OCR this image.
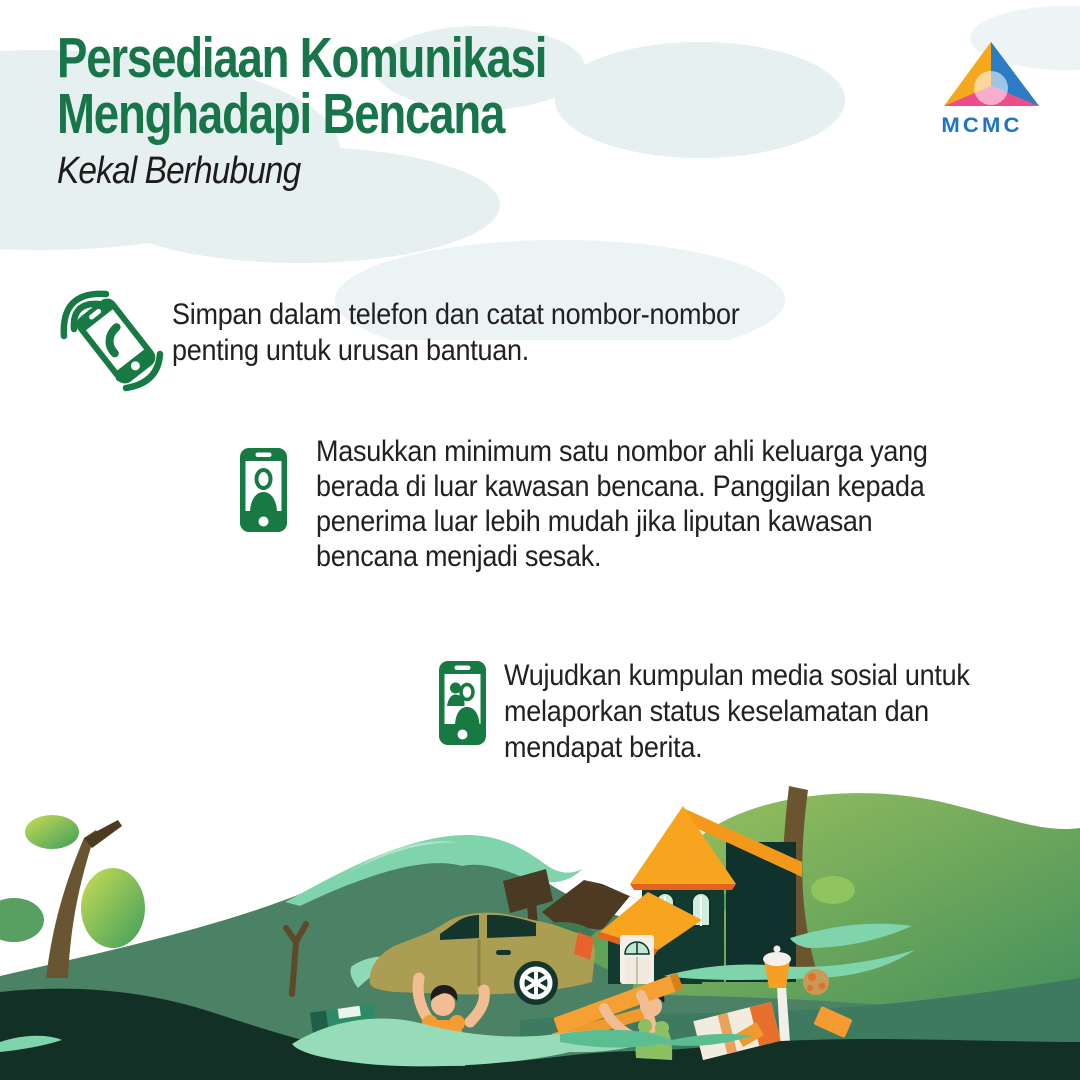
Persediaan Komunikasi
Menghadapi Bencana
Kekal Berhubung
MCMC
Simpan dalam telefon dan catat nombor-nombor
penting untuk urusan bantuan.
Masukkan minimum satu nombor ahli keluarga yang
berada di luar kawasan bencana. Panggilan kepada
penerima luar lebih mudah jika liputan kawasan
bencana menjadi sesak.
Wujudkan kumpulan media sosial untuk
melaporkan status keselamatan dan
mendapat berita.
